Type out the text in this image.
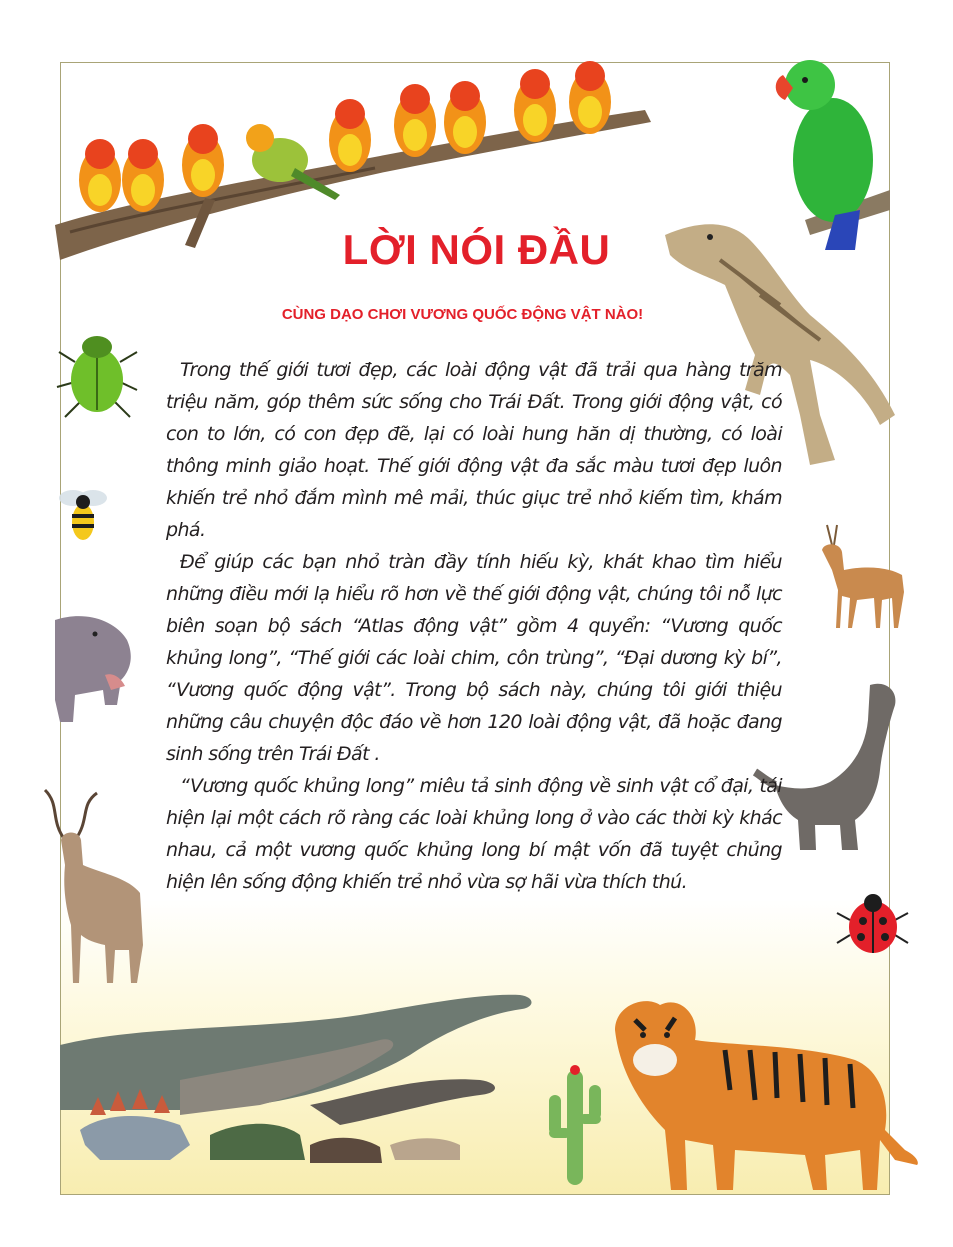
LỜI NÓI ĐẦU
CÙNG DẠO CHƠI VƯƠNG QUỐC ĐỘNG VẬT NÀO!

Trong thế giới tươi đẹp, các loài động vật đã trải qua hàng trăm triệu năm, góp thêm sức sống cho Trái Đất. Trong giới động vật, có con to lớn, có con đẹp đẽ, lại có loài hung hăn dị thường, có loài thông minh giảo hoạt. Thế giới động vật đa sắc màu tươi đẹp luôn khiến trẻ nhỏ đắm mình mê mải, thúc giục trẻ nhỏ kiếm tìm, khám phá.

Để giúp các bạn nhỏ tràn đầy tính hiếu kỳ, khát khao tìm hiểu những điều mới lạ hiểu rõ hơn về thế giới động vật, chúng tôi nỗ lực biên soạn bộ sách “Atlas động vật” gồm 4 quyển: “Vương quốc khủng long”, “Thế giới các loài chim, côn trùng”, “Đại dương kỳ bí”, “Vương quốc động vật”. Trong bộ sách này, chúng tôi giới thiệu những câu chuyện độc đáo về hơn 120 loài động vật, đã hoặc đang sinh sống trên Trái Đất .

“Vương quốc khủng long” miêu tả sinh động về sinh vật cổ đại, tái hiện lại một cách rõ ràng các loài khủng long ở vào các thời kỳ khác nhau, cả một vương quốc khủng long bí mật vốn đã tuyệt chủng hiện lên sống động khiến trẻ nhỏ vừa sợ hãi vừa thích thú.
